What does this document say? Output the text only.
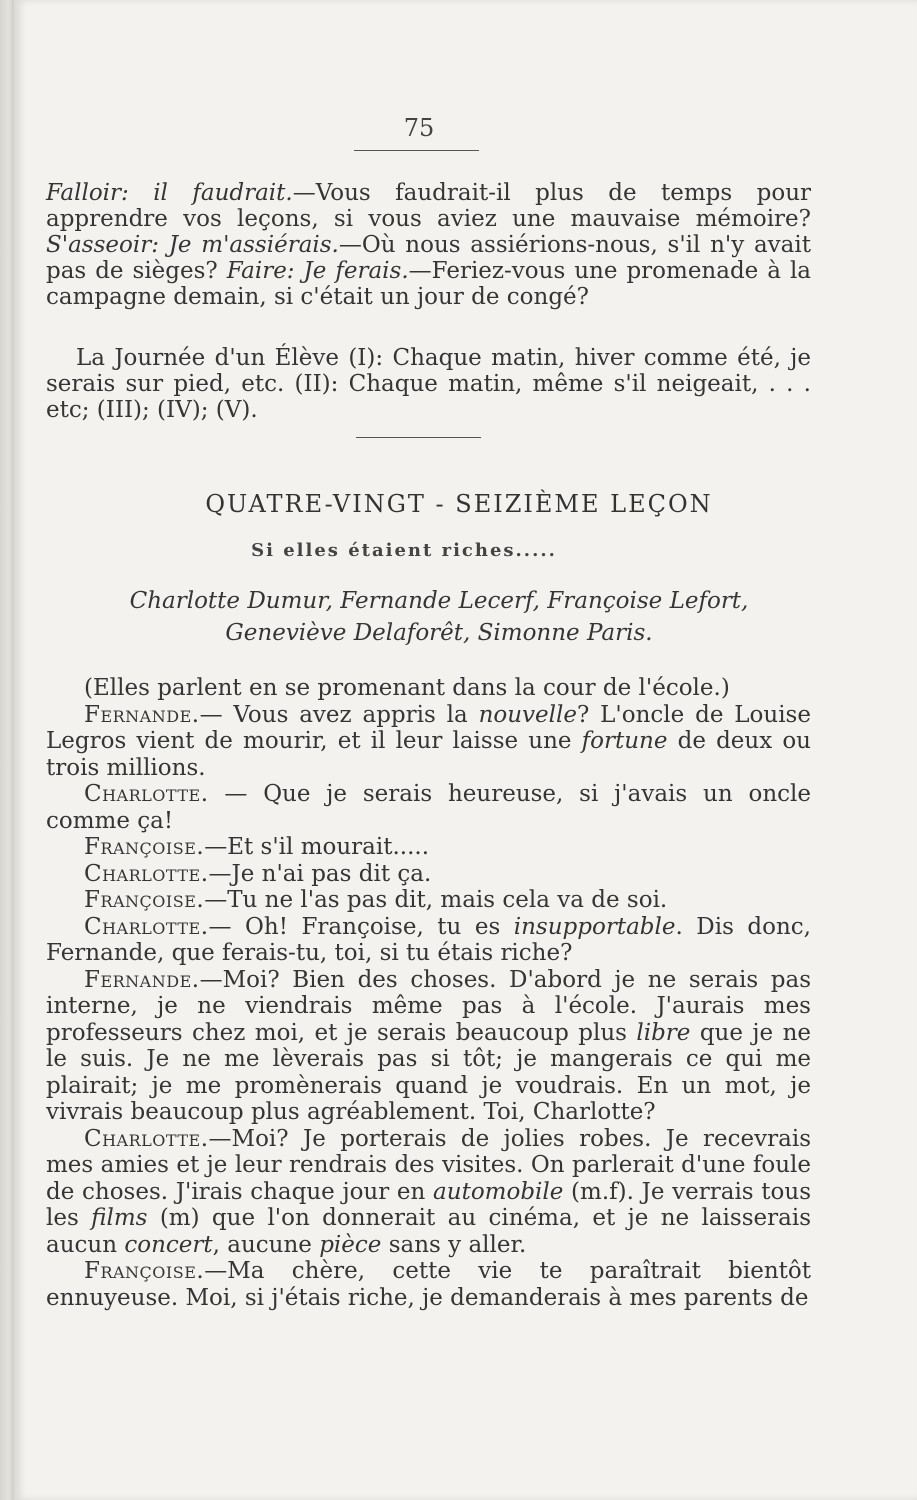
75

Falloir: il faudrait.—Vous faudrait-il plus de temps pour apprendre vos leçons, si vous aviez une mauvaise mémoire? S'asseoir: Je m'assiérais.—Où nous assiérions-nous, s'il n'y avait pas de sièges? Faire: Je ferais.—Feriez-vous une promenade à la campagne demain, si c'était un jour de congé?

La Journée d'un Élève (I): Chaque matin, hiver comme été, je serais sur pied, etc. (II): Chaque matin, même s'il neigeait, . . . etc; (III); (IV); (V).

QUATRE-VINGT - SEIZIÈME LEÇON
Si elles étaient riches.....
Charlotte Dumur, Fernande Lecerf, Françoise Lefort,
Geneviève Delaforêt, Simonne Paris.

(Elles parlent en se promenant dans la cour de l'école.)

Fernande.— Vous avez appris la nouvelle? L'oncle de Louise Legros vient de mourir, et il leur laisse une fortune de deux ou trois millions.

Charlotte. — Que je serais heureuse, si j'avais un oncle comme ça!

Françoise.—Et s'il mourait.....

Charlotte.—Je n'ai pas dit ça.

Françoise.—Tu ne l'as pas dit, mais cela va de soi.

Charlotte.— Oh! Françoise, tu es insupportable. Dis donc, Fernande, que ferais-tu, toi, si tu étais riche?

Fernande.—Moi? Bien des choses. D'abord je ne serais pas interne, je ne viendrais même pas à l'école. J'aurais mes professeurs chez moi, et je serais beaucoup plus libre que je ne le suis. Je ne me lèverais pas si tôt; je mangerais ce qui me plairait; je me promènerais quand je voudrais. En un mot, je vivrais beaucoup plus agréablement. Toi, Charlotte?

Charlotte.—Moi? Je porterais de jolies robes. Je recevrais mes amies et je leur rendrais des visites. On parlerait d'une foule de choses. J'irais chaque jour en automobile (m.f). Je verrais tous les films (m) que l'on donnerait au cinéma, et je ne laisserais aucun concert, aucune pièce sans y aller.

Françoise.—Ma chère, cette vie te paraîtrait bientôt ennuyeuse. Moi, si j'étais riche, je demanderais à mes parents de
